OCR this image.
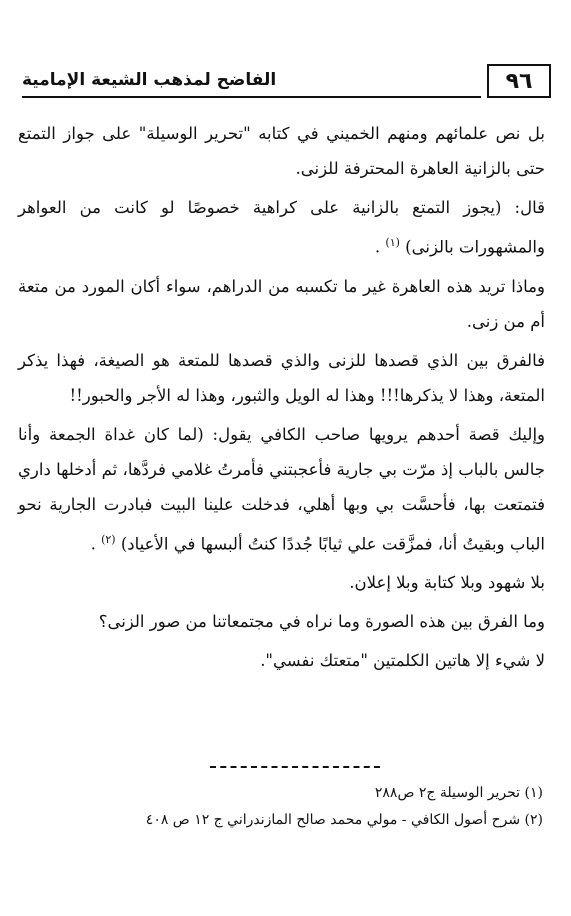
٩٦
الفاضح لمذهب الشيعة الإمامية

بل نص علمائهم ومنهم الخميني في كتابه "تحرير الوسيلة" على جواز التمتع حتى بالزانية العاهرة المحترفة للزنى.

قال: (يجوز التمتع بالزانية على كراهية خصوصًا لو كانت من العواهر والمشهورات بالزنى) $^{(١)}$ .

وماذا تريد هذه العاهرة غير ما تكسبه من الدراهم، سواء أكان المورد من متعة أم من زنى.

فالفرق بين الذي قصدها للزنى والذي قصدها للمتعة هو الصيغة، فهذا يذكر المتعة، وهذا لا يذكرها!!! وهذا له الويل والثبور، وهذا له الأجر والحبور!!

وإليك قصة أحدهم يرويها صاحب الكافي يقول: (لما كان غداة الجمعة وأنا جالس بالباب إذ مرّت بي جارية فأعجبتني فأمرتُ غلامي فردَّها، ثم أدخلها داري فتمتعت بها، فأحسَّت بي وبها أهلي، فدخلت علينا البيت فبادرت الجارية نحو الباب وبقيتُ أنا، فمزَّقت علي ثيابًا جُددًا كنتُ ألبسها في الأعياد) $^{(٢)}$ .

بلا شهود وبلا كتابة وبلا إعلان.

وما الفرق بين هذه الصورة وما نراه في مجتمعاتنا من صور الزنى؟

لا شيء إلا هاتين الكلمتين "متعتك نفسي".

(١) تحرير الوسيلة ج٢ ص٢٨٨

(٢) شرح أصول الكافي - مولي محمد صالح المازندراني ج ١٢ ص ٤٠٨
